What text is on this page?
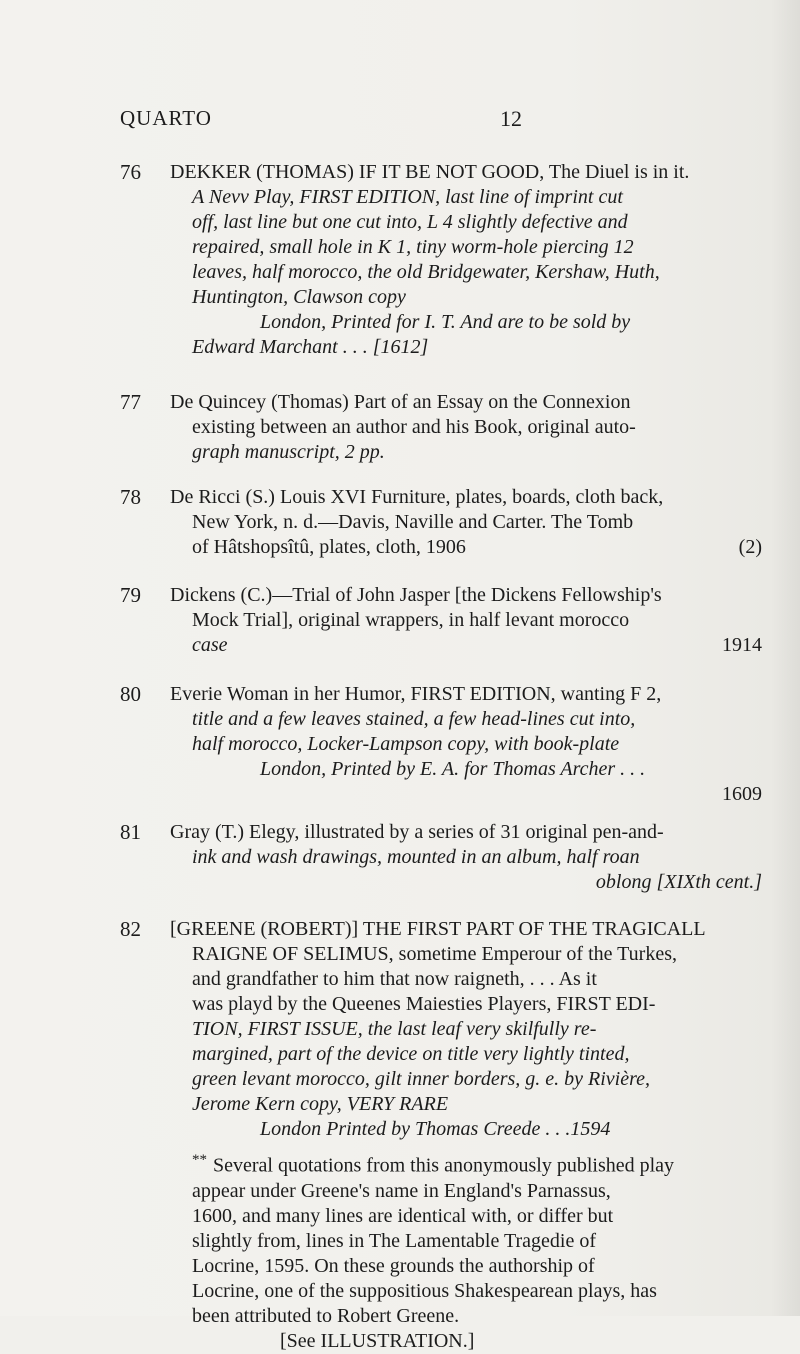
QUARTO	12
76 DEKKER (THOMAS) IF IT BE NOT GOOD, The Diuel is in it.

A Nevv Play, FIRST EDITION, last line of imprint cut

off, last line but one cut into, L 4 slightly defective and

repaired, small hole in K 1, tiny worm-hole piercing 12

leaves, half morocco, the old Bridgewater, Kershaw, Huth,

Huntington, Clawson copy

London, Printed for I. T. And are to be sold by

Edward Marchant . . . [1612]

77 De Quincey (Thomas) Part of an Essay on the Connexion

existing between an author and his Book, original auto-

graph manuscript, 2 pp.

78 De Ricci (S.) Louis XVI Furniture, plates, boards, cloth back,

New York, n. d.—Davis, Naville and Carter. The Tomb

of Hâtshopsîtû, plates, cloth, 1906	(2)

79 Dickens (C.)—Trial of John Jasper [the Dickens Fellowship's

Mock Trial], original wrappers, in half levant morocco

case	1914

80 Everie Woman in her Humor, FIRST EDITION, wanting F 2,

title and a few leaves stained, a few head-lines cut into,

half morocco, Locker-Lampson copy, with book-plate

London, Printed by E. A. for Thomas Archer . . .

1609

81 Gray (T.) Elegy, illustrated by a series of 31 original pen-and-

ink and wash drawings, mounted in an album, half roan

oblong [XIXth cent.]

82 [GREENE (ROBERT)] THE FIRST PART OF THE TRAGICALL

RAIGNE OF SELIMUS, sometime Emperour of the Turkes,

and grandfather to him that now raigneth, . . . As it

was playd by the Queenes Maiesties Players, FIRST EDI-

TION, FIRST ISSUE, the last leaf very skilfully re-

margined, part of the device on title very lightly tinted,

green levant morocco, gilt inner borders, g. e. by Rivière,

Jerome Kern copy, VERY RARE

London Printed by Thomas Creede . . .1594

** Several quotations from this anonymously published play

appear under Greene's name in England's Parnassus,

1600, and many lines are identical with, or differ but

slightly from, lines in The Lamentable Tragedie of

Locrine, 1595. On these grounds the authorship of

Locrine, one of the suppositious Shakespearean plays, has

been attributed to Robert Greene.

[See ILLUSTRATION.]
